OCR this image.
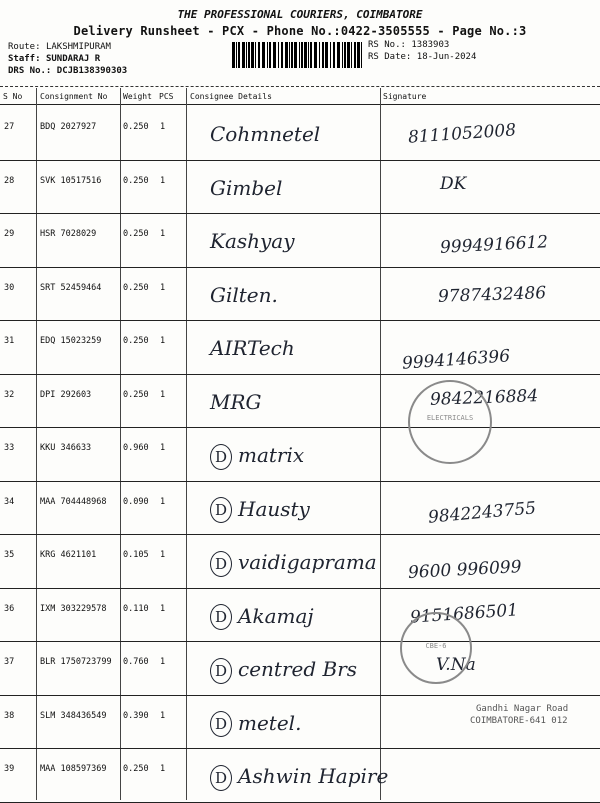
THE PROFESSIONAL COURIERS, COIMBATORE
Delivery Runsheet - PCX - Phone No.:0422-3505555 - Page No.:3
Route: LAKSHMIPURAM
Staff: SUNDARAJ R
DRS No.: DCJB138390303
RS No.: 1383903
RS Date: 18-Jun-2024
S No Consignment No Weight PCS Consignee Details	Signature
27	BDQ 2027927	0.250 1 Cohmnetel	8111052008
28	SVK 10517516	0.250 1 Gimbel	DK
29	HSR 7028029	0.250 1 Kashyay	9994916612
30	SRT 52459464	0.250 1 Gilten.	9787432486
31	EDQ 15023259	0.250 1 AIRTech	9994146396
32	DPI 292603	0.250 1 MRG	9842216884
33	KKU 346633	0.960 1	D matrix
34	MAA 704448968 0.090 1	D Hausty	9842243755
35	KRG 4621101	0.105 1	D vaidigaprama 9600 996099
36	IXM 303229578 0.110 1	D Akamaj	9151686501
37	BLR 1750723799 0.760 1	D centred Brs	V.Na
38	SLM 348436549 0.390 1	D metel.
39	MAA 108597369 0.250 1	D Ashwin Hapire
ELECTRICALS
CBE-6
Gandhi Nagar Road
COIMBATORE-641 012
